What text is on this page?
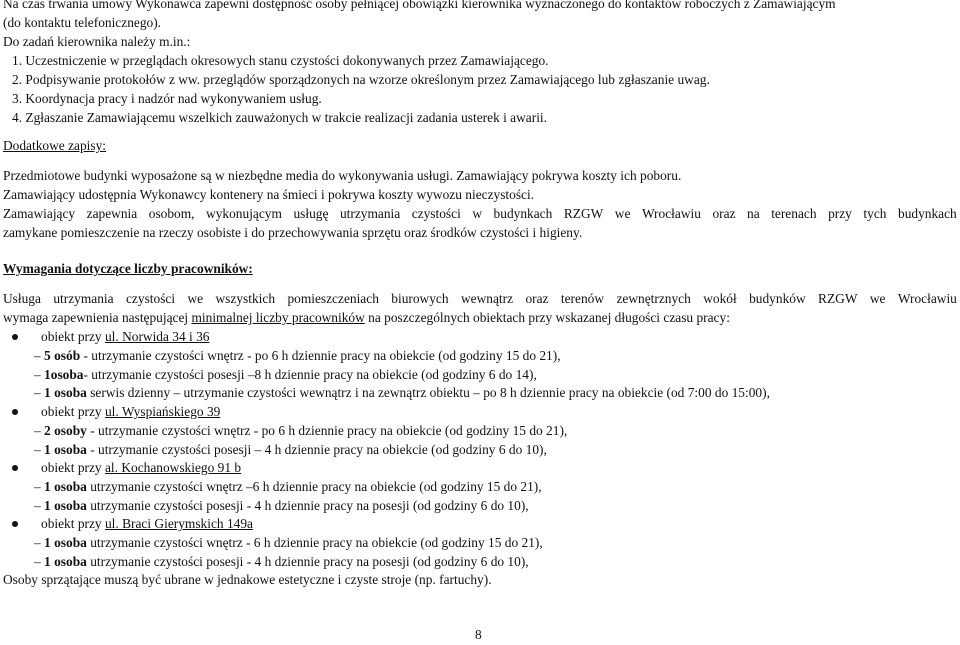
Na czas trwania umowy Wykonawca zapewni dostępność osoby pełniącej obowiązki kierownika wyznaczonego do kontaktów roboczych z Zamawiającym
(do kontaktu telefonicznego).
Do zadań kierownika należy m.in.:
1. Uczestniczenie w przeglądach okresowych stanu czystości dokonywanych przez Zamawiającego.
2. Podpisywanie protokołów z ww. przeglądów sporządzonych na wzorze określonym przez Zamawiającego lub zgłaszanie uwag.
3. Koordynacja pracy i nadzór nad wykonywaniem usług.
4. Zgłaszanie Zamawiającemu wszelkich zauważonych w trakcie realizacji zadania usterek i awarii.
Dodatkowe zapisy:
Przedmiotowe budynki wyposażone są w niezbędne media do wykonywania usługi. Zamawiający pokrywa koszty ich poboru.
Zamawiający udostępnia Wykonawcy kontenery na śmieci i pokrywa koszty wywozu nieczystości.
Zamawiający zapewnia osobom, wykonującym usługę utrzymania czystości w budynkach RZGW we Wrocławiu oraz na terenach przy tych budynkach
zamykane pomieszczenie na rzeczy osobiste i do przechowywania sprzętu oraz środków czystości i higieny.
Wymagania dotyczące liczby pracowników:
Usługa utrzymania czystości we wszystkich pomieszczeniach biurowych wewnątrz oraz terenów zewnętrznych wokół budynków RZGW we Wrocławiu
wymaga zapewnienia następującej minimalnej liczby pracowników na poszczególnych obiektach przy wskazanej długości czasu pracy:
obiekt przy ul. Norwida 34 i 36
– 5 osób - utrzymanie czystości wnętrz - po 6 h dziennie pracy na obiekcie (od godziny 15 do 21),
– 1osoba- utrzymanie czystości posesji –8 h dziennie pracy na obiekcie (od godziny 6 do 14),
– 1 osoba serwis dzienny – utrzymanie czystości wewnątrz i na zewnątrz obiektu – po 8 h dziennie pracy na obiekcie (od 7:00 do 15:00),
obiekt przy ul. Wyspiańskiego 39
– 2 osoby - utrzymanie czystości wnętrz - po 6 h dziennie pracy na obiekcie (od godziny 15 do 21),
– 1 osoba - utrzymanie czystości posesji – 4 h dziennie pracy na obiekcie (od godziny 6 do 10),
obiekt przy al. Kochanowskiego 91 b
– 1 osoba utrzymanie czystości wnętrz –6 h dziennie pracy na obiekcie (od godziny 15 do 21),
– 1 osoba utrzymanie czystości posesji - 4 h dziennie pracy na posesji (od godziny 6 do 10),
obiekt przy ul. Braci Gierymskich 149a
– 1 osoba utrzymanie czystości wnętrz - 6 h dziennie pracy na obiekcie (od godziny 15 do 21),
– 1 osoba utrzymanie czystości posesji - 4 h dziennie pracy na posesji (od godziny 6 do 10),
Osoby sprzątające muszą być ubrane w jednakowe estetyczne i czyste stroje (np. fartuchy).
8
